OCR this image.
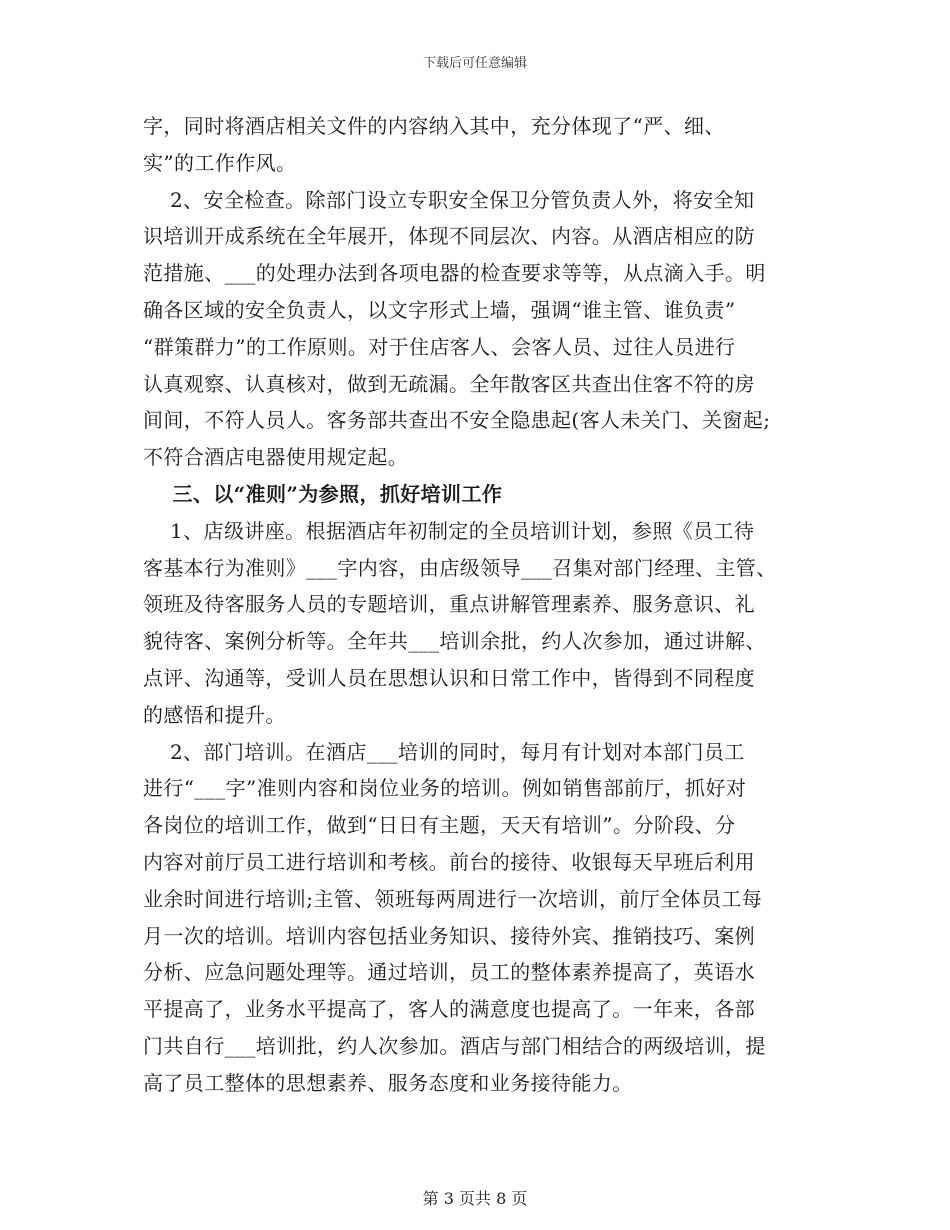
下载后可任意编辑
字，同时将酒店相关文件的内容纳入其中，充分体现了“严、细、
实”的工作作风。
2、安全检查。除部门设立专职安全保卫分管负责人外，将安全知
识培训开成系统在全年展开，体现不同层次、内容。从酒店相应的防
范措施、___的处理办法到各项电器的检查要求等等，从点滴入手。明
确各区域的安全负责人，以文字形式上墙，强调“谁主管、谁负责”
“群策群力”的工作原则。对于住店客人、会客人员、过往人员进行
认真观察、认真核对，做到无疏漏。全年散客区共查出住客不符的房
间间，不符人员人。客务部共查出不安全隐患起(客人未关门、关窗起;
不符合酒店电器使用规定起。
三、以“准则”为参照，抓好培训工作
1、店级讲座。根据酒店年初制定的全员培训计划，参照《员工待
客基本行为准则》___字内容，由店级领导___召集对部门经理、主管、
领班及待客服务人员的专题培训，重点讲解管理素养、服务意识、礼
貌待客、案例分析等。全年共___培训余批，约人次参加，通过讲解、
点评、沟通等，受训人员在思想认识和日常工作中，皆得到不同程度
的感悟和提升。
2、部门培训。在酒店___培训的同时，每月有计划对本部门员工
进行“___字”准则内容和岗位业务的培训。例如销售部前厅，抓好对
各岗位的培训工作，做到“日日有主题，天天有培训”。分阶段、分
内容对前厅员工进行培训和考核。前台的接待、收银每天早班后利用
业余时间进行培训;主管、领班每两周进行一次培训，前厅全体员工每
月一次的培训。培训内容包括业务知识、接待外宾、推销技巧、案例
分析、应急问题处理等。通过培训，员工的整体素养提高了，英语水
平提高了，业务水平提高了，客人的满意度也提高了。一年来，各部
门共自行___培训批，约人次参加。酒店与部门相结合的两级培训，提
高了员工整体的思想素养、服务态度和业务接待能力。
第 3 页共 8 页
